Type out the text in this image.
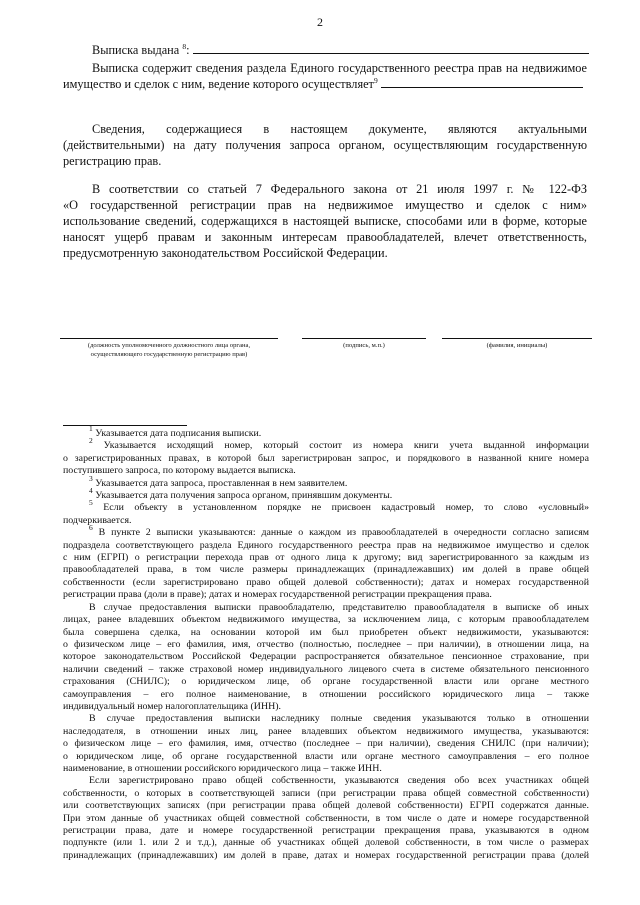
2
Выписка выдана $^8$:
Выписка содержит сведения раздела Единого государственного реестра прав на недвижимое
имущество и сделок с ним, ведение которого осуществляет$^9$
Сведения, содержащиеся в настоящем документе, являются актуальными
(действительными) на дату получения запроса органом, осуществляющим государственную
регистрацию прав.
В соответствии со статьей 7 Федерального закона от 21 июля 1997 г. № 122-ФЗ
«О государственной регистрации прав на недвижимое имущество и сделок с ним»
использование сведений, содержащихся в настоящей выписке, способами или в форме, которые
наносят ущерб правам и законным интересам правообладателей, влечет ответственность,
предусмотренную законодательством Российской Федерации.
(должность уполномоченного должностного лица органа,
осуществляющего государственную регистрацию прав)
(подпись, м.п.)	(фамилия, инициалы)

$^1$ Указывается дата подписания выписки.

$^2$ Указывается исходящий номер, который состоит из номера книги учета выданной информации

о зарегистрированных правах, в которой был зарегистрирован запрос, и порядкового в названной книге номера

поступившего запроса, по которому выдается выписка.

$^3$ Указывается дата запроса, проставленная в нем заявителем.

$^4$ Указывается дата получения запроса органом, принявшим документы.

$^5$ Если объекту в установленном порядке не присвоен кадастровый номер, то слово «условный»

подчеркивается.

$^6$ В пункте 2 выписки указываются: данные о каждом из правообладателей в очередности согласно записям

подраздела соответствующего раздела Единого государственного реестра прав на недвижимое имущество и сделок

с ним (ЕГРП) о регистрации перехода прав от одного лица к другому; вид зарегистрированного за каждым из

правообладателей права, в том числе размеры принадлежащих (принадлежавших) им долей в праве общей

собственности (если зарегистрировано право общей долевой собственности); датах и номерах государственной

регистрации права (доли в праве); датах и номерах государственной регистрации прекращения права.

В случае предоставления выписки правообладателю, представителю правообладателя в выписке об иных

лицах, ранее владевших объектом недвижимого имущества, за исключением лица, с которым правообладателем

была совершена сделка, на основании которой им был приобретен объект недвижимости, указываются:

о физическом лице – его фамилия, имя, отчество (полностью, последнее – при наличии), в отношении лица, на

которое законодательством Российской Федерации распространяется обязательное пенсионное страхование, при

наличии сведений – также страховой номер индивидуального лицевого счета в системе обязательного пенсионного

страхования (СНИЛС); о юридическом лице, об органе государственной власти или органе местного

самоуправления – его полное наименование, в отношении российского юридического лица – также

индивидуальный номер налогоплательщика (ИНН).

В случае предоставления выписки наследнику полные сведения указываются только в отношении

наследодателя, в отношении иных лиц, ранее владевших объектом недвижимого имущества, указываются:

о физическом лице – его фамилия, имя, отчество (последнее – при наличии), сведения СНИЛС (при наличии);

о юридическом лице, об органе государственной власти или органе местного самоуправления – его полное

наименование, в отношении российского юридического лица – также ИНН.

Если зарегистрировано право общей собственности, указываются сведения обо всех участниках общей

собственности, о которых в соответствующей записи (при регистрации права общей совместной собственности)

или соответствующих записях (при регистрации права общей долевой собственности) ЕГРП содержатся данные.

При этом данные об участниках общей совместной собственности, в том числе о дате и номере государственной

регистрации права, дате и номере государственной регистрации прекращения права, указываются в одном

подпункте (или 1. или 2 и т.д.), данные об участниках общей долевой собственности, в том числе о размерах

принадлежащих (принадлежавших) им долей в праве, датах и номерах государственной регистрации права (долей
